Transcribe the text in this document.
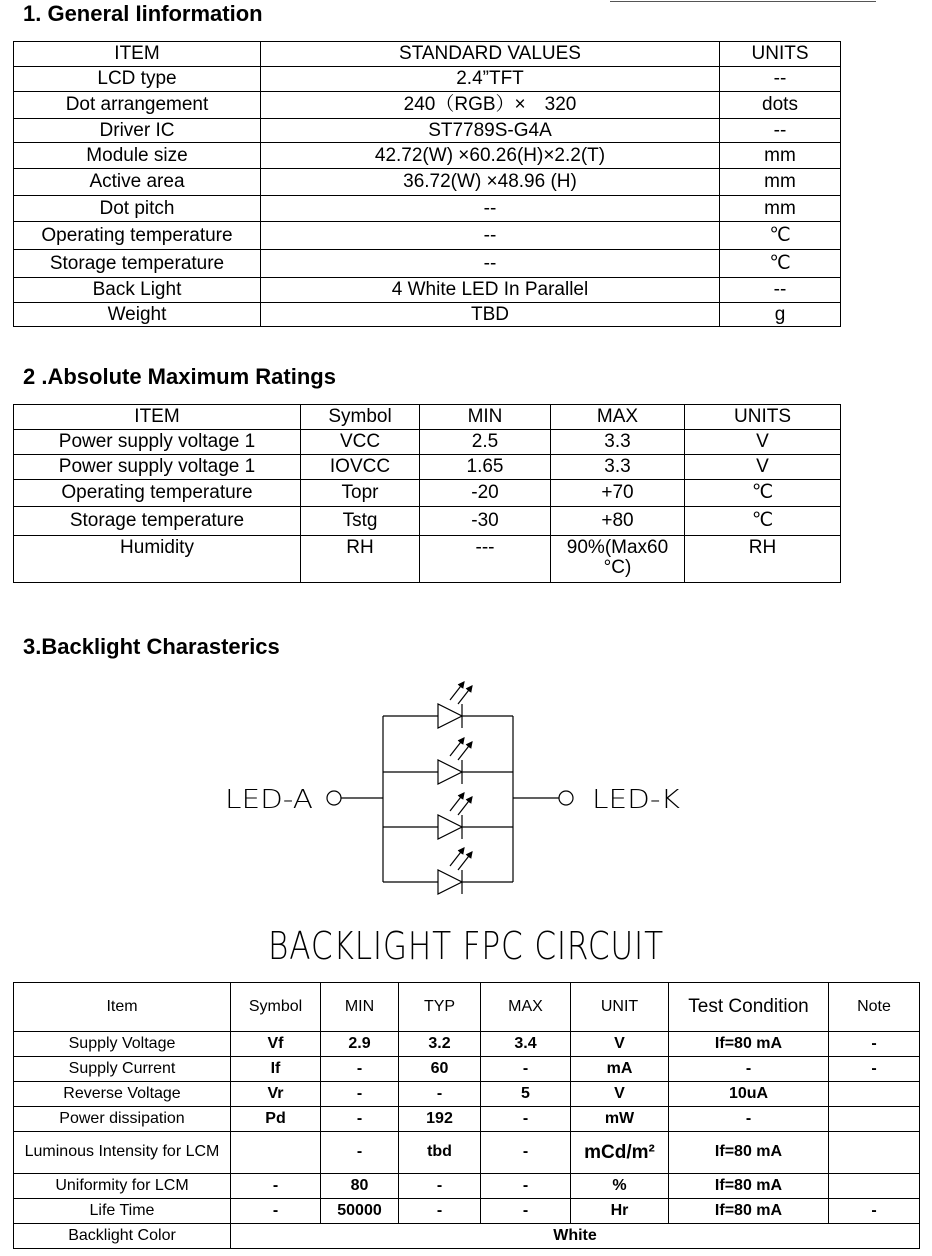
1. General Iinformation
ITEM	STANDARD VALUES	UNITS
LCD type	2.4”TFT	--
Dot arrangement	240（RGB）×　320	dots
Driver IC	ST7789S-G4A	--
Module size	42.72(W) ×60.26(H)×2.2(T)	mm
Active area	36.72(W) ×48.96 (H)	mm
Dot pitch	--	mm
Operating temperature	--	℃
Storage temperature	--	℃
Back Light	4 White LED In Parallel	--
Weight	TBD	g
2 .Absolute Maximum Ratings
ITEM	Symbol	MIN	MAX	UNITS
Power supply voltage 1	VCC	2.5	3.3	V
Power supply voltage 1	IOVCC	1.65	3.3	V
Operating temperature	Topr	-20	+70	℃
Storage temperature	Tstg	-30	+80	℃
Humidity	RH	---	90%(Max60 °C)	RH
3.Backlight Charasterics
LED-A	LED-K
BACKLIGHT FPC CIRCUIT
Item	Symbol	MIN	TYP	MAX	UNIT	Test Condition	Note
Supply Voltage	Vf	2.9	3.2	3.4	V	If=80 mA	-
Supply Current	If	-	60	-	mA	-	-
Reverse Voltage	Vr	-	-	5	V	10uA	
Power dissipation	Pd	-	192	-	mW	-	
Luminous Intensity for LCM		-	tbd	-	mCd/m²	If=80 mA	
Uniformity for LCM	-	80	-	-	%	If=80 mA	
Life Time	-	50000	-	-	Hr	If=80 mA	-
Backlight Color	White						
